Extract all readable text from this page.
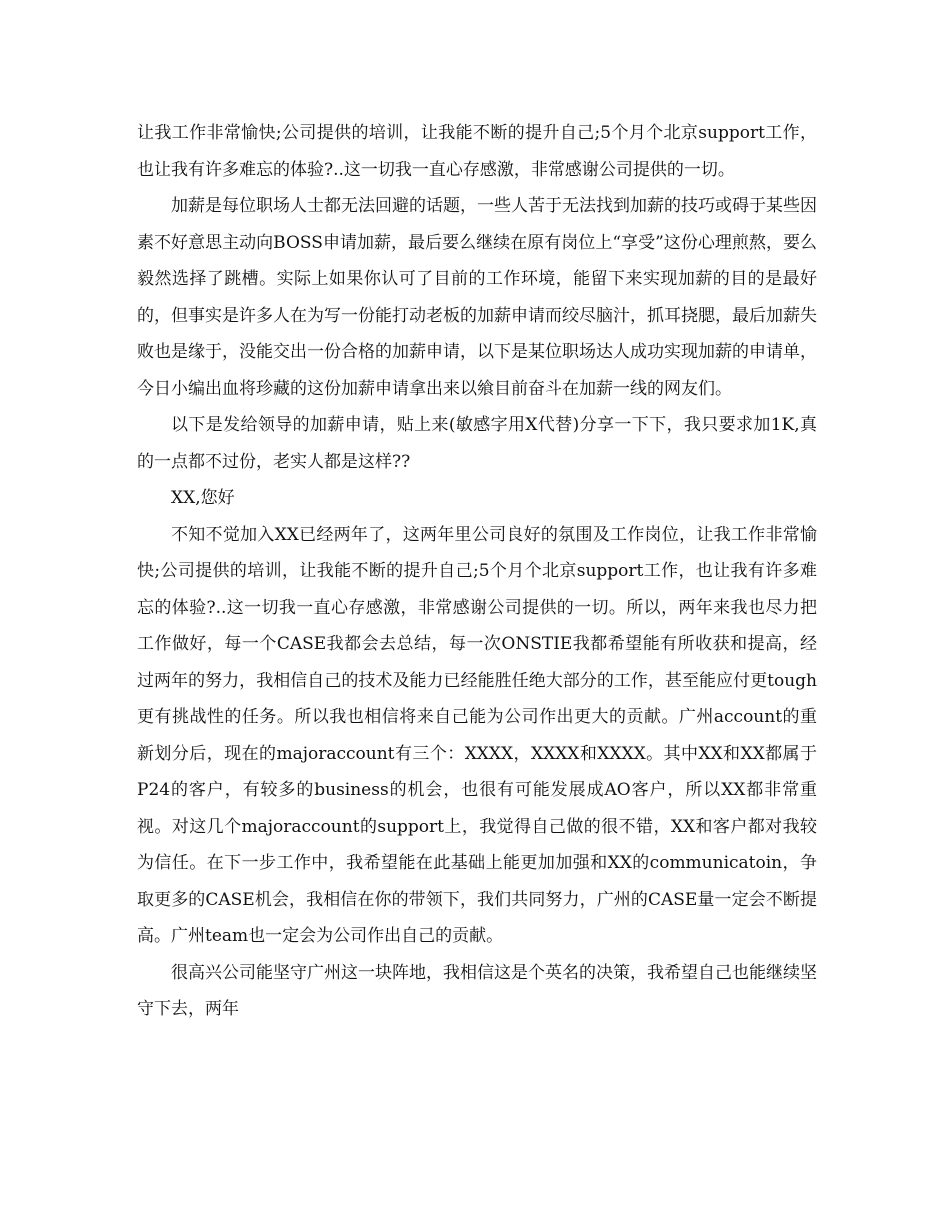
让我工作非常愉快;公司提供的培训，让我能不断的提升自己;5个月个北京support工作，也让我有许多难忘的体验?..这一切我一直心存感激，非常感谢公司提供的一切。

加薪是每位职场人士都无法回避的话题，一些人苦于无法找到加薪的技巧或碍于某些因素不好意思主动向BOSS申请加薪，最后要么继续在原有岗位上“享受”这份心理煎熬，要么毅然选择了跳槽。实际上如果你认可了目前的工作环境，能留下来实现加薪的目的是最好的，但事实是许多人在为写一份能打动老板的加薪申请而绞尽脑汁，抓耳挠腮，最后加薪失败也是缘于，没能交出一份合格的加薪申请，以下是某位职场达人成功实现加薪的申请单，今日小编出血将珍藏的这份加薪申请拿出来以飨目前奋斗在加薪一线的网友们。

以下是发给领导的加薪申请，贴上来(敏感字用X代替)分享一下下，我只要求加1K,真的一点都不过份，老实人都是这样??

XX,您好

不知不觉加入XX已经两年了，这两年里公司良好的氛围及工作岗位，让我工作非常愉快;公司提供的培训，让我能不断的提升自己;5个月个北京support工作，也让我有许多难忘的体验?..这一切我一直心存感激，非常感谢公司提供的一切。所以，两年来我也尽力把工作做好，每一个CASE我都会去总结，每一次ONSTIE我都希望能有所收获和提高，经过两年的努力，我相信自己的技术及能力已经能胜任绝大部分的工作，甚至能应付更tough更有挑战性的任务。所以我也相信将来自己能为公司作出更大的贡献。广州account的重新划分后，现在的majoraccount有三个：XXXX，XXXX和XXXX。其中XX和XX都属于P24的客户，有较多的business的机会，也很有可能发展成AO客户，所以XX都非常重视。对这几个majoraccount的support上，我觉得自己做的很不错，XX和客户都对我较为信任。在下一步工作中，我希望能在此基础上能更加加强和XX的communicatoin，争取更多的CASE机会，我相信在你的带领下，我们共同努力，广州的CASE量一定会不断提高。广州team也一定会为公司作出自己的贡献。

很高兴公司能坚守广州这一块阵地，我相信这是个英名的决策，我希望自己也能继续坚守下去，两年
